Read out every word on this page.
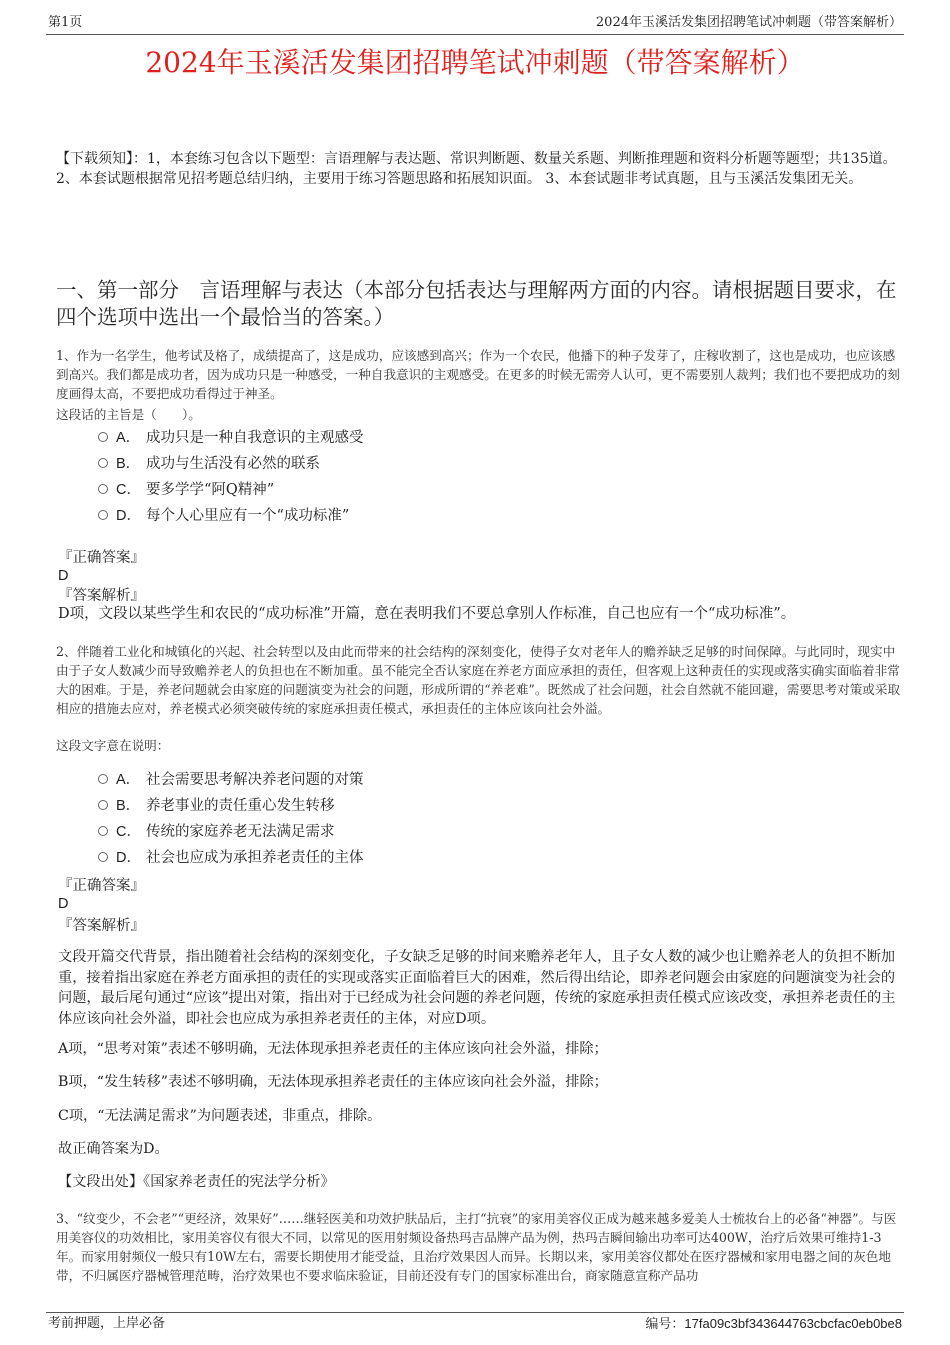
第1页	2024年玉溪活发集团招聘笔试冲刺题（带答案解析）
2024年玉溪活发集团招聘笔试冲刺题（带答案解析）
【下载须知】：1，本套练习包含以下题型：言语理解与表达题、常识判断题、数量关系题、判断推理题和资料分析题等题型；共135道。 2、本套试题根据常见招考题总结归纳，主要用于练习答题思路和拓展知识面。 3、本套试题非考试真题，且与玉溪活发集团无关。
一、第一部分　言语理解与表达（本部分包括表达与理解两方面的内容。请根据题目要求，在四个选项中选出一个最恰当的答案。）
1、作为一名学生，他考试及格了，成绩提高了，这是成功，应该感到高兴；作为一个农民，他播下的种子发芽了，庄稼收割了，这也是成功，也应该感到高兴。我们都是成功者，因为成功只是一种感受，一种自我意识的主观感受。在更多的时候无需旁人认可，更不需要别人裁判；我们也不要把成功的刻度画得太高，不要把成功看得过于神圣。
这段话的主旨是（　　）。
A． 成功只是一种自我意识的主观感受
B． 成功与生活没有必然的联系
C． 要多学学“阿Q精神”
D． 每个人心里应有一个“成功标准”
『正确答案』
D
『答案解析』
D项，文段以某些学生和农民的“成功标准”开篇，意在表明我们不要总拿别人作标准，自己也应有一个“成功标准”。
2、伴随着工业化和城镇化的兴起、社会转型以及由此而带来的社会结构的深刻变化，使得子女对老年人的赡养缺乏足够的时间保障。与此同时，现实中由于子女人数减少而导致赡养老人的负担也在不断加重。虽不能完全否认家庭在养老方面应承担的责任，但客观上这种责任的实现或落实确实面临着非常大的困难。于是，养老问题就会由家庭的问题演变为社会的问题，形成所谓的“养老难”。既然成了社会问题，社会自然就不能回避，需要思考对策或采取相应的措施去应对，养老模式必须突破传统的家庭承担责任模式，承担责任的主体应该向社会外溢。
这段文字意在说明：
A． 社会需要思考解决养老问题的对策
B． 养老事业的责任重心发生转移
C． 传统的家庭养老无法满足需求
D． 社会也应成为承担养老责任的主体
『正确答案』
D
『答案解析』
文段开篇交代背景，指出随着社会结构的深刻变化，子女缺乏足够的时间来赡养老年人，且子女人数的减少也让赡养老人的负担不断加重，接着指出家庭在养老方面承担的责任的实现或落实正面临着巨大的困难，然后得出结论，即养老问题会由家庭的问题演变为社会的问题，最后尾句通过“应该”提出对策，指出对于已经成为社会问题的养老问题，传统的家庭承担责任模式应该改变，承担养老责任的主体应该向社会外溢，即社会也应成为承担养老责任的主体，对应D项。
A项，“思考对策”表述不够明确，无法体现承担养老责任的主体应该向社会外溢，排除；
B项，“发生转移”表述不够明确，无法体现承担养老责任的主体应该向社会外溢，排除；
C项，“无法满足需求”为问题表述，非重点，排除。
故正确答案为D。
【文段出处】《国家养老责任的宪法学分析》
3、“纹变少，不会老”“更经济，效果好”……继轻医美和功效护肤品后，主打“抗衰”的家用美容仪正成为越来越多爱美人士梳妆台上的必备“神器”。与医用美容仪的功效相比，家用美容仪有很大不同，以常见的医用射频设备热玛吉品牌产品为例，热玛吉瞬间输出功率可达400W，治疗后效果可维持1-3年。而家用射频仪一般只有10W左右，需要长期使用才能受益，且治疗效果因人而异。长期以来，家用美容仪都处在医疗器械和家用电器之间的灰色地带，不归属医疗器械管理范畴，治疗效果也不要求临床验证，目前还没有专门的国家标准出台，商家随意宣称产品功
考前押题，上岸必备	编号：17fa09c3bf343644763cbcfac0eb0be8
